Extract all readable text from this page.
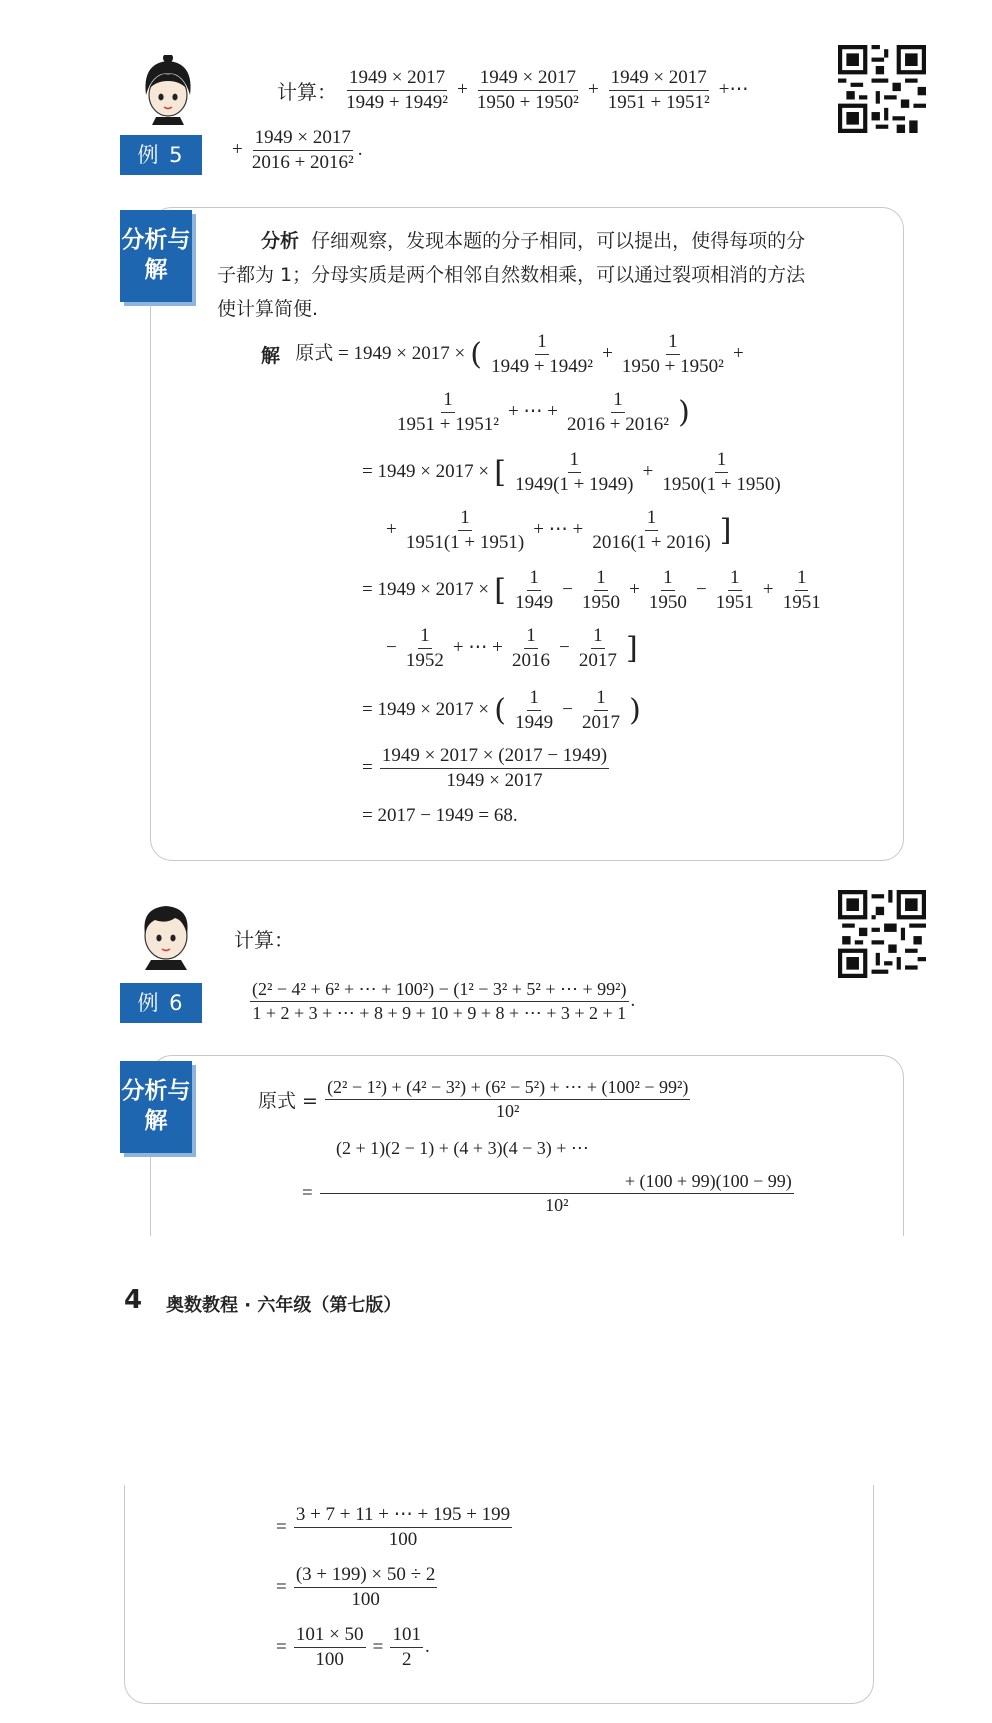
例 5
计算： $\frac{1949 \times 2017}{\text{1949 + 1949²}} + \frac{1949 \times 2017}{\text{1950 + 1950²}} + \frac{1949 \times 2017}{\text{1951 + 1951²}}$ +⋯
+ $\frac{1949 \times 2017}{\text{2016 + 2016²}}$ .
分析与解
分析 仔细观察，发现本题的分子相同，可以提出，使得每项的分
子都为 1；分母实质是两个相邻自然数相乘，可以通过裂项相消的方法
使计算简便.
解 原式 = 1949 × 2017 × ( $\frac{1}{\text{1949 + 1949²}} + \frac{1}{\text{1950 + 1950²}}$ +
$\frac{1}{\text{1951 + 1951²}}$ + ⋯ + $\frac{1}{\text{2016 + 2016²}}$ )
= 1949 × 2017 × [ $\frac{1}{1949(1 + 1949)} + \frac{1}{1950(1 + 1950)}$
+ $\frac{1}{1951(1 + 1951)}$ + ⋯ + $\frac{1}{2016(1 + 2016)}$ ]
= 1949 × 2017 × [ $\frac{1}{1949} - \frac{1}{1950} + \frac{1}{1950} - \frac{1}{1951} + \frac{1}{1951}$
− $\frac{1}{1952}$ + ⋯ + $\frac{1}{2016} - \frac{1}{2017}$ ]
= 1949 × 2017 × ( $\frac{1}{1949} - \frac{1}{2017}$ )
= $\frac{1949 \times 2017 \times (2017 - 1949)}{1949 \times 2017}$
= 2017 − 1949 = 68.
例 6
计算：
$\frac{\text{(2² − 4² + 6² + ⋯ + 100²) − (1² − 3² + 5² + ⋯ + 99²)}}{1 + 2 + 3 + \cdots + 8 + 9 + 10 + 9 + 8 + \cdots + 3 + 2 + 1}$ .
分析与解
原式 = $\frac{\text{(2² − 1²) + (4² − 3²) + (6² − 5²) + ⋯ + (100² − 99²)}}{\text{10²}}$
(2 + 1)(2 − 1) + (4 + 3)(4 − 3) + ⋯
= $\frac{+ (100 + 99)(100 - 99)}{\text{10²}}$
4 奥数教程 · 六年级（第七版）
= $\frac{3 + 7 + 11 + \cdots + 195 + 199}{100}$
= $\frac{(3 + 199) \times 50 \div 2}{100}$
= $\frac{101 \times 50}{100} = \frac{101}{2}$ .
